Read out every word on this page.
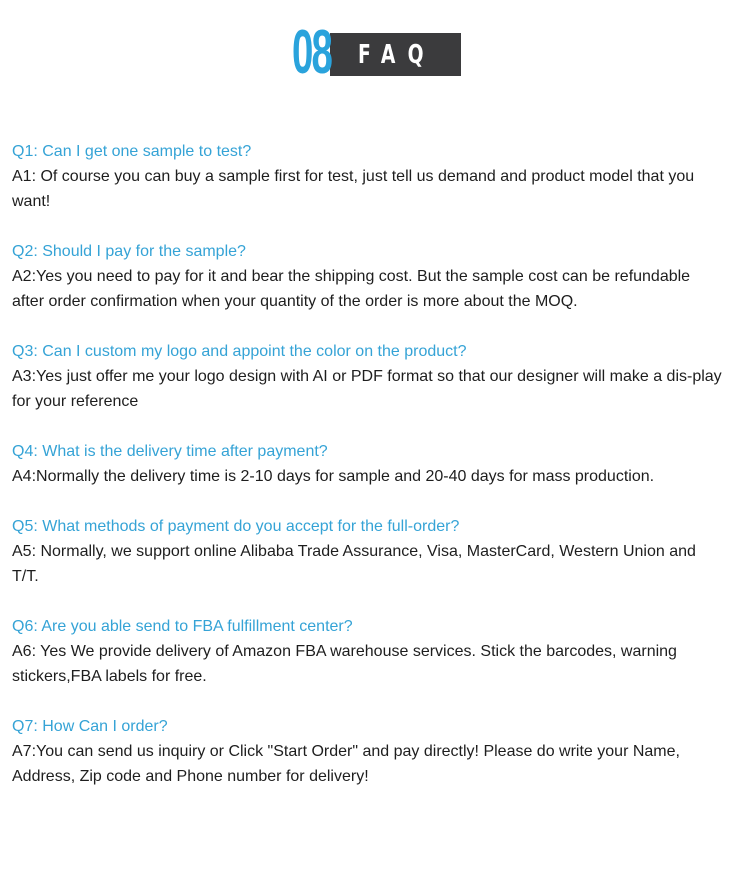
08 FAQ
Q1: Can I get one sample to test?
A1: Of course you can buy a sample first for test, just tell us demand and product model that you want!
Q2: Should I pay for the sample?
A2:Yes you need to pay for it and bear the shipping cost. But the sample cost can be refundable after order confirmation when your quantity of the order is more about the MOQ.
Q3: Can I custom my logo and appoint the color on the product?
A3:Yes just offer me your logo design with AI or PDF format so that our designer will make a dis-play for your reference
Q4: What is the delivery time after payment?
A4:Normally the delivery time is 2-10 days for sample and 20-40 days for mass production.
Q5: What methods of payment do you accept for the full-order?
A5: Normally, we support online Alibaba Trade Assurance, Visa, MasterCard, Western Union and T/T.
Q6: Are you able send to FBA fulfillment center?
A6: Yes We provide delivery of Amazon FBA warehouse services. Stick the barcodes, warning stickers,FBA labels for free.
Q7: How Can I order?
A7:You can send us inquiry or Click "Start Order" and pay directly! Please do write your Name, Address, Zip code and Phone number for delivery!
